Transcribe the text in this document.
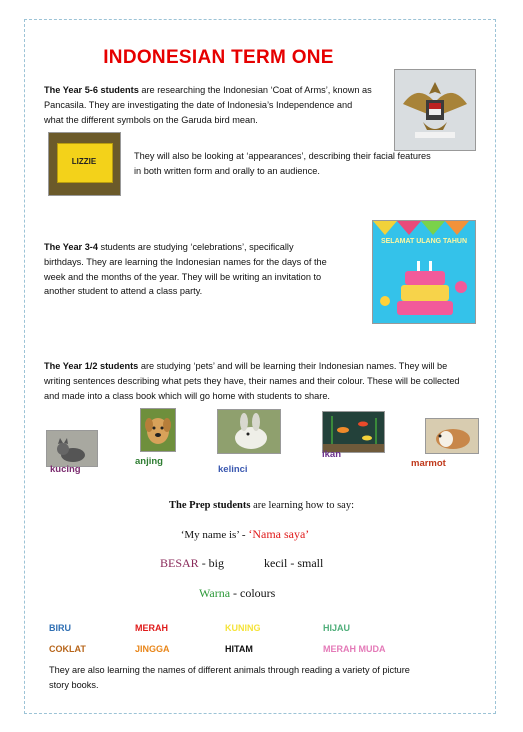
INDONESIAN TERM ONE
The Year 5-6 students are researching the Indonesian ‘Coat of Arms’, known as Pancasila. They are investigating the date of Indonesia’s Independence and what the different symbols on the Garuda bird mean.
LIZZIE
They will also be looking at ‘appearances’, describing their facial features in both written form and orally to an audience.
The Year 3-4 students are studying ‘celebrations’, specifically birthdays. They are learning the Indonesian names for the days of the week and the months of the year. They will be writing an invitation to another student to attend a class party.
SELAMAT ULANG TAHUN
The Year 1/2 students are studying ‘pets’ and will be learning their Indonesian names. They will be writing sentences describing what pets they have, their names and their colour. These will be collected and made into a class book which will go home with students to share.
kucing
anjing
kelinci
ikan
marmot
The Prep students are learning how to say:
‘My name is’ - ‘Nama saya’
BESAR - big	kecil - small
Warna - colours
BIRU	MERAH	KUNING	HIJAU
COKLAT	JINGGA	HITAM	MERAH MUDA
They are also learning the names of different animals through reading a variety of picture story books.
